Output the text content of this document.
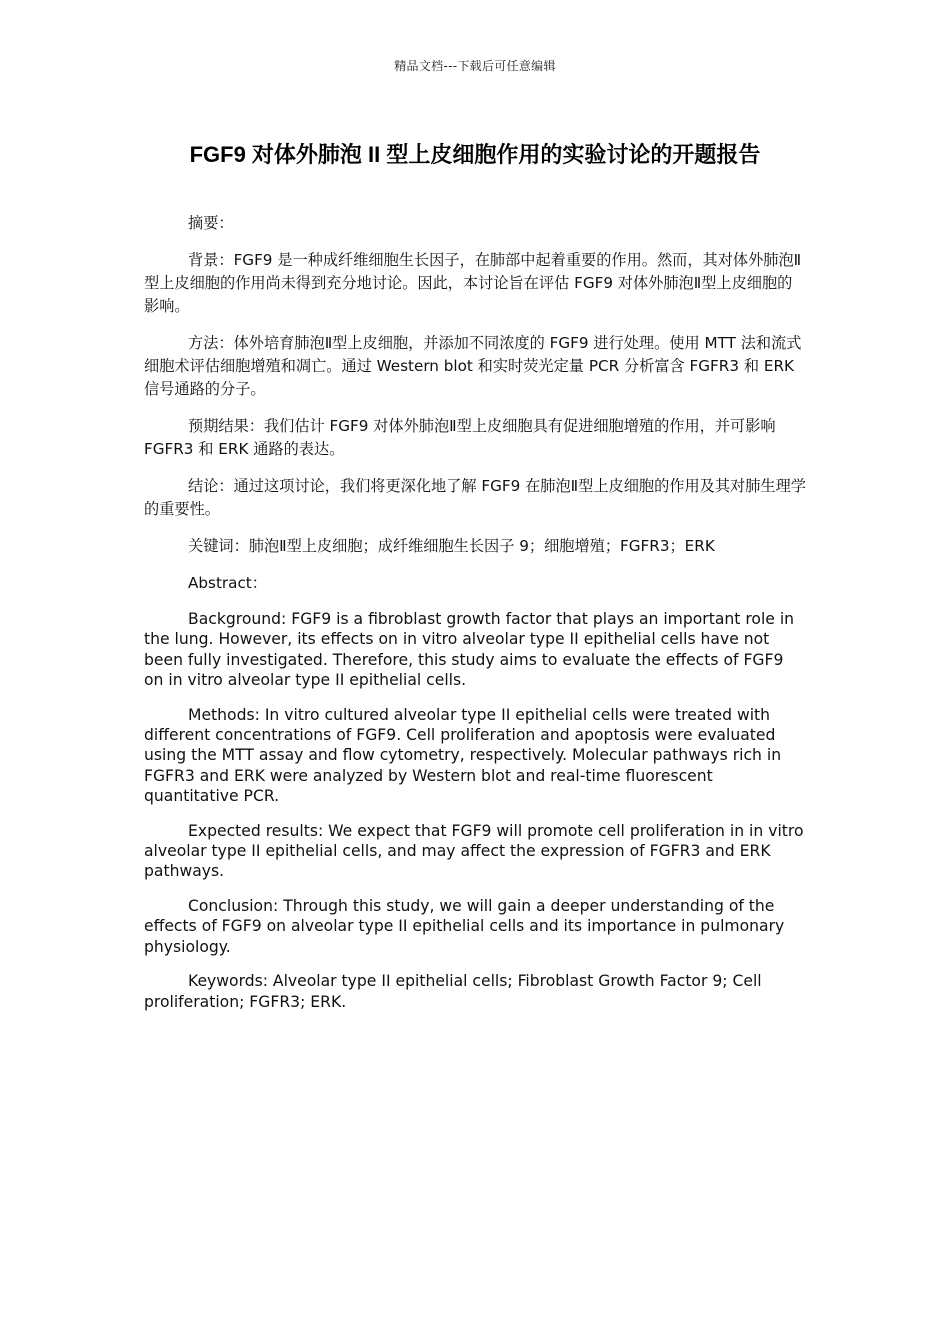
精品文档---下载后可任意编辑
FGF9 对体外肺泡 II 型上皮细胞作用的实验讨论的开题报告

摘要：

背景：FGF9 是一种成纤维细胞生长因子，在肺部中起着重要的作用。然而，其对体外肺泡Ⅱ型上皮细胞的作用尚未得到充分地讨论。因此，本讨论旨在评估 FGF9 对体外肺泡Ⅱ型上皮细胞的影响。

方法：体外培育肺泡Ⅱ型上皮细胞，并添加不同浓度的 FGF9 进行处理。使用 MTT 法和流式细胞术评估细胞增殖和凋亡。通过 Western blot 和实时荧光定量 PCR 分析富含 FGFR3 和 ERK 信号通路的分子。

预期结果：我们估计 FGF9 对体外肺泡Ⅱ型上皮细胞具有促进细胞增殖的作用，并可影响 FGFR3 和 ERK 通路的表达。

结论：通过这项讨论，我们将更深化地了解 FGF9 在肺泡Ⅱ型上皮细胞的作用及其对肺生理学的重要性。

关键词：肺泡Ⅱ型上皮细胞；成纤维细胞生长因子 9；细胞增殖；FGFR3；ERK

Abstract：

Background: FGF9 is a fibroblast growth factor that plays an important role in the lung. However, its effects on in vitro alveolar type II epithelial cells have not been fully investigated. Therefore, this study aims to evaluate the effects of FGF9 on in vitro alveolar type II epithelial cells.

Methods: In vitro cultured alveolar type II epithelial cells were treated with different concentrations of FGF9. Cell proliferation and apoptosis were evaluated using the MTT assay and flow cytometry, respectively. Molecular pathways rich in FGFR3 and ERK were analyzed by Western blot and real-time fluorescent quantitative PCR.

Expected results: We expect that FGF9 will promote cell proliferation in in vitro alveolar type II epithelial cells, and may affect the expression of FGFR3 and ERK pathways.

Conclusion: Through this study, we will gain a deeper understanding of the effects of FGF9 on alveolar type II epithelial cells and its importance in pulmonary physiology.

Keywords: Alveolar type II epithelial cells; Fibroblast Growth Factor 9; Cell proliferation; FGFR3; ERK.
